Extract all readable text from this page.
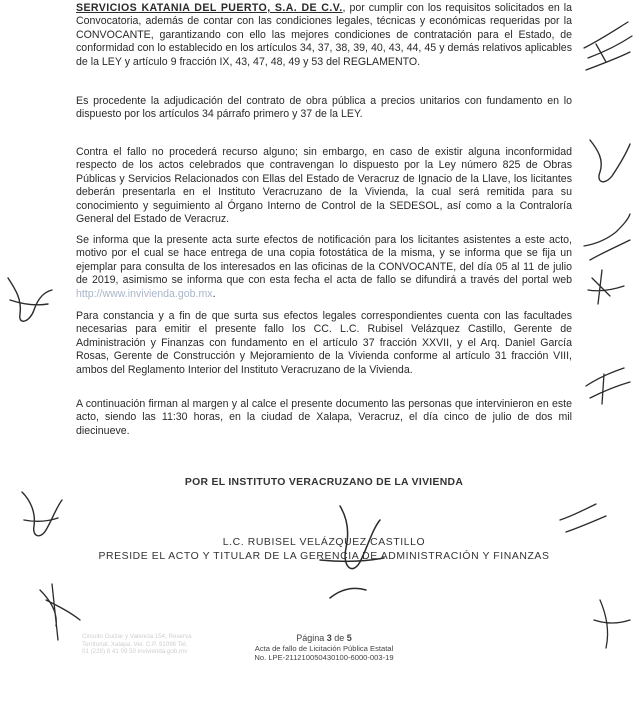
SERVICIOS KATANIA DEL PUERTO, S.A. DE C.V., por cumplir con los requisitos solicitados en la Convocatoria, además de contar con las condiciones legales, técnicas y económicas requeridas por la CONVOCANTE, garantizando con ello las mejores condiciones de contratación para el Estado, de conformidad con lo establecido en los artículos 34, 37, 38, 39, 40, 43, 44, 45 y demás relativos aplicables de la LEY y artículo 9 fracción IX, 43, 47, 48, 49 y 53 del REGLAMENTO.

Es procedente la adjudicación del contrato de obra pública a precios unitarios con fundamento en lo dispuesto por los artículos 34 párrafo primero y 37 de la LEY.

Contra el fallo no procederá recurso alguno; sin embargo, en caso de existir alguna inconformidad respecto de los actos celebrados que contravengan lo dispuesto por la Ley número 825 de Obras Públicas y Servicios Relacionados con Ellas del Estado de Veracruz de Ignacio de la Llave, los licitantes deberán presentarla en el Instituto Veracruzano de la Vivienda, la cual será remitida para su conocimiento y seguimiento al Órgano Interno de Control de la SEDESOL, así como a la Contraloría General del Estado de Veracruz.

Se informa que la presente acta surte efectos de notificación para los licitantes asistentes a este acto, motivo por el cual se hace entrega de una copia fotostática de la misma, y se informa que se fija un ejemplar para consulta de los interesados en las oficinas de la CONVOCANTE, del día 05 al 11 de julio de 2019, asimismo se informa que con esta fecha el acta de fallo se difundirá a través del portal web http://www.invivienda.gob.mx.

Para constancia y a fin de que surta sus efectos legales correspondientes cuenta con las facultades necesarias para emitir el presente fallo los CC. L.C. Rubisel Velázquez Castillo, Gerente de Administración y Finanzas con fundamento en el artículo 37 fracción XXVII, y el Arq. Daniel García Rosas, Gerente de Construcción y Mejoramiento de la Vivienda conforme al artículo 31 fracción VIII, ambos del Reglamento Interior del Instituto Veracruzano de la Vivienda.

A continuación firman al margen y al calce el presente documento las personas que intervinieron en este acto, siendo las 11:30 horas, en la ciudad de Xalapa, Veracruz, el día cinco de julio de dos mil diecinueve.

POR EL INSTITUTO VERACRUZANO DE LA VIVIENDA

L.C. RUBISEL VELÁZQUEZ CASTILLO

PRESIDE EL ACTO Y TITULAR DE LA GERENCIA DE ADMINISTRACIÓN Y FINANZAS

Circuito Guízar y Valencia 154, Reserva Territorial, Xalapa, Ver. C.P. 91096 Tel. 01 (228) 8 41 09 50 invivienda.gob.mx
Página 3 de 5
Acta de fallo de Licitación Pública Estatal
No. LPE-211210050430100-6000-003-19
